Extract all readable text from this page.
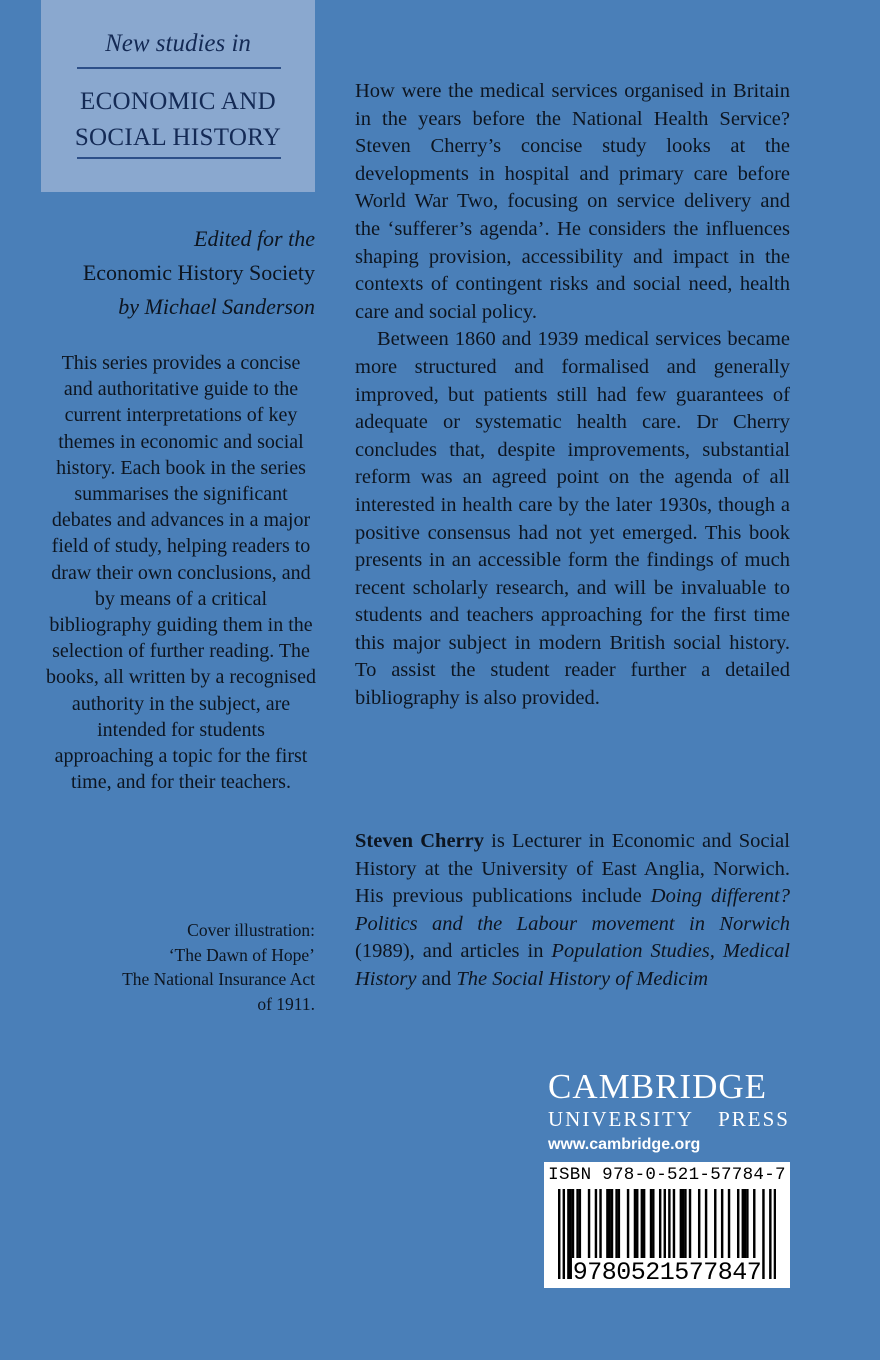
New studies in
ECONOMIC AND
SOCIAL HISTORY
Edited for the
Economic History Society
by Michael Sanderson
This series provides a concise and authoritative guide to the current interpretations of key themes in economic and social history. Each book in the series summarises the significant debates and advances in a major field of study, helping readers to draw their own conclusions, and by means of a critical bibliography guiding them in the selection of further reading. The books, all written by a recognised authority in the subject, are intended for students approaching a topic for the first time, and for their teachers.
Cover illustration:
‘The Dawn of Hope’
The National Insurance Act
of 1911.

How were the medical services organised in Britain in the years before the National Health Service? Steven Cherry’s concise study looks at the developments in hospital and primary care before World War Two, focusing on service delivery and the ‘sufferer’s agenda’. He considers the influences shaping provision, accessibility and impact in the contexts of contingent risks and social need, health care and social policy.

Between 1860 and 1939 medical services became more structured and formalised and generally improved, but patients still had few guarantees of adequate or systematic health care. Dr Cherry concludes that, despite improvements, substantial reform was an agreed point on the agenda of all interested in health care by the later 1930s, though a positive consensus had not yet emerged. This book presents in an accessible form the findings of much recent scholarly research, and will be invaluable to students and teachers approaching for the first time this major subject in modern British social history. To assist the student reader further a detailed bibliography is also provided.

Steven Cherry is Lecturer in Economic and Social History at the University of East Anglia, Norwich. His previous publications include Doing different? Politics and the Labour movement in Norwich (1989), and articles in Population Studies, Medical History and The Social History of Medicim

CAMBRIDGE
UNIVERSITY PRESS
www.cambridge.org
ISBN 978-0-521-57784-7
9780521577847
